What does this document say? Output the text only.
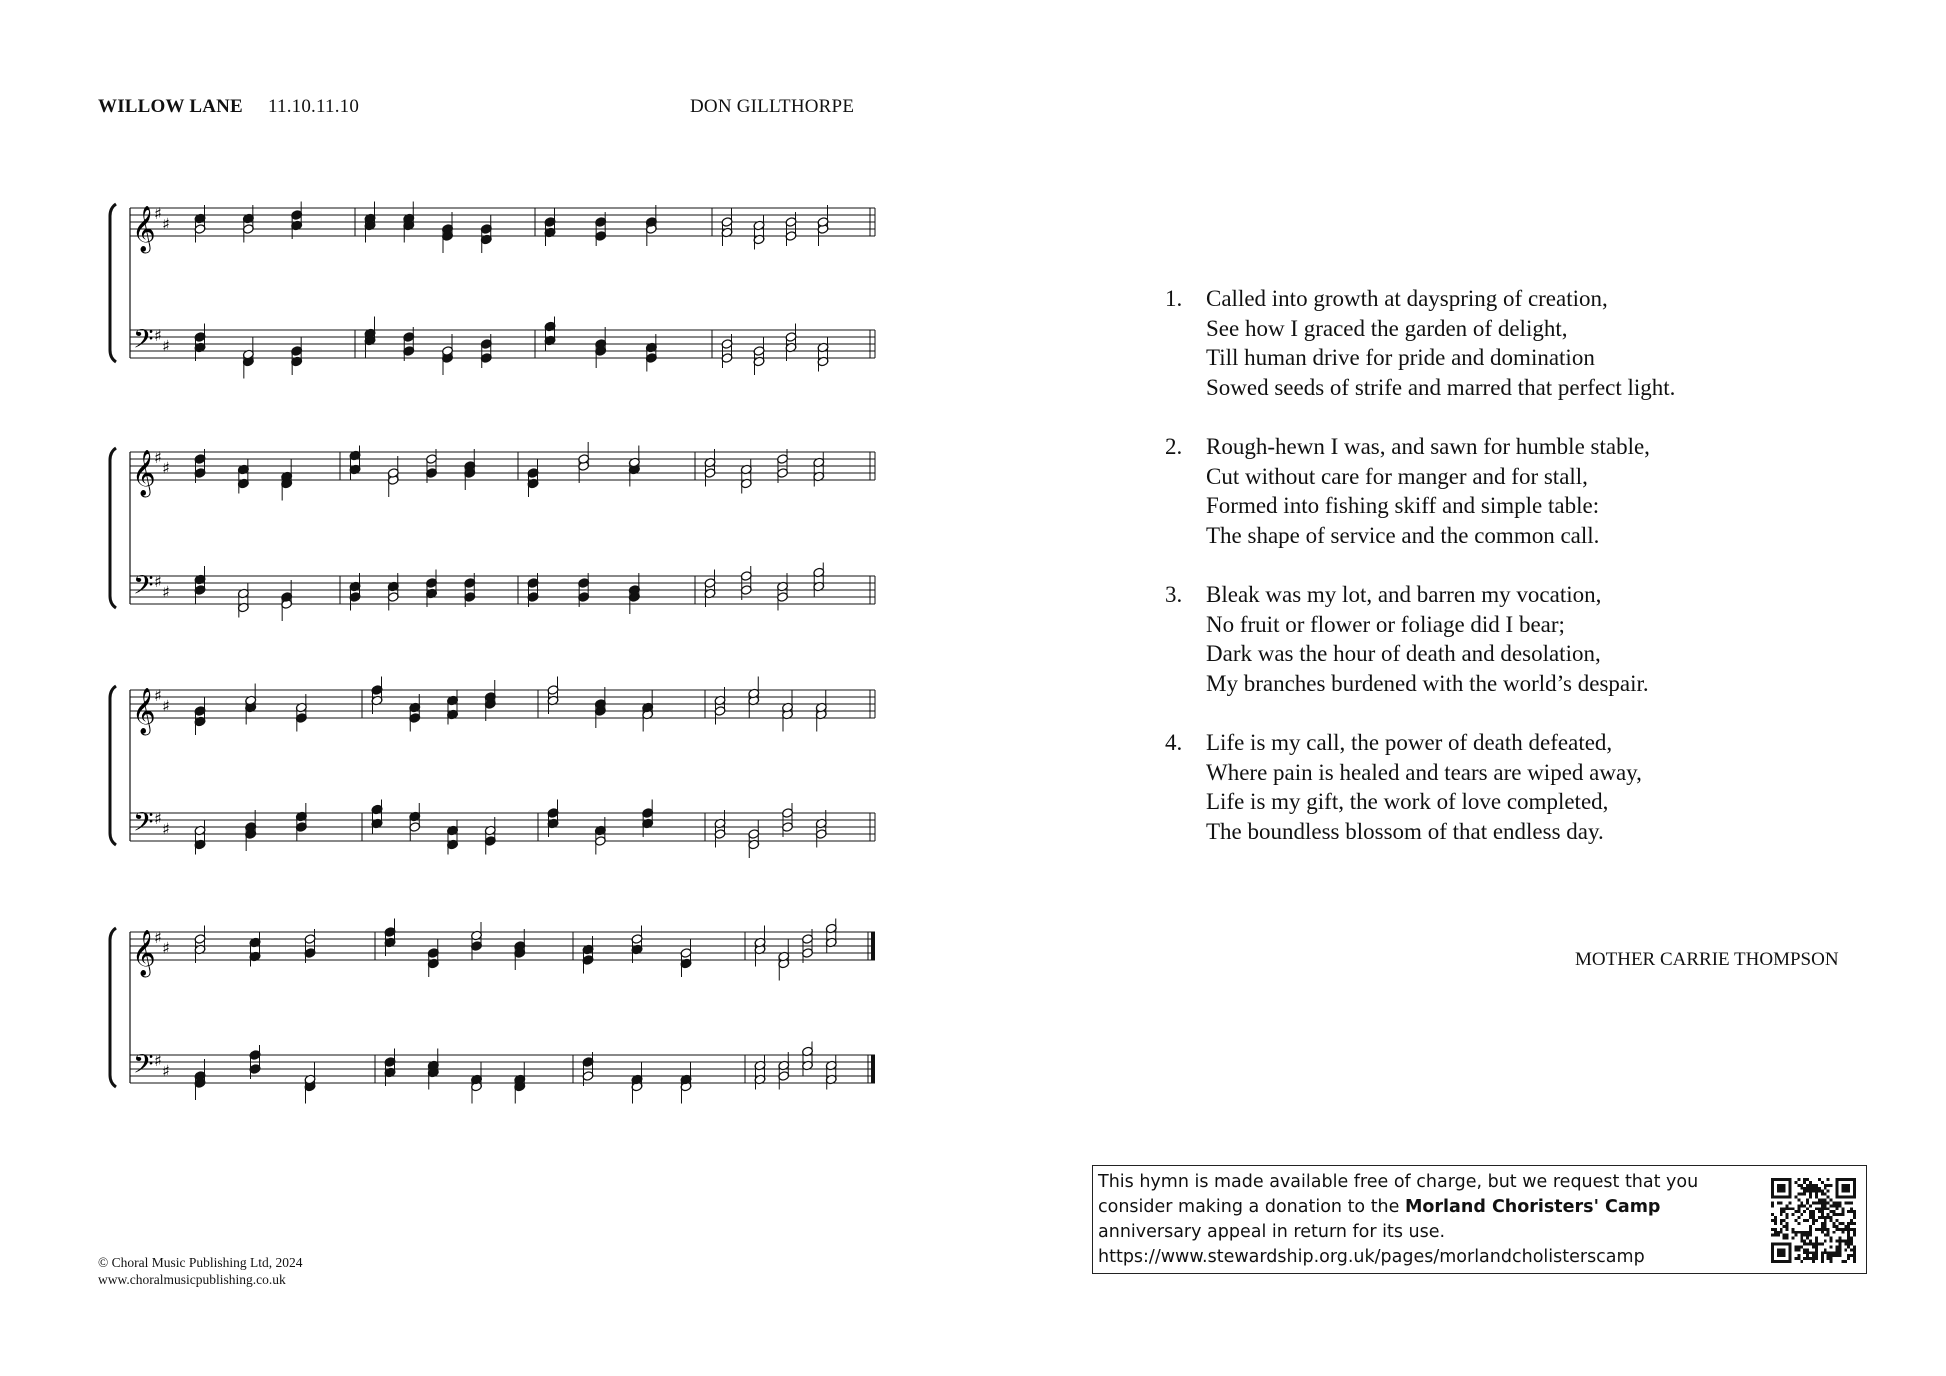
WILLOW LANE 11.10.11.10	DON GILLTHORPE
𝄞
♯
♯
𝄢 ♯
♯
𝄞
♯
♯
𝄢 ♯
♯
𝄞
♯
♯
𝄢 ♯
♯
𝄞
♯
♯
𝄢 ♯
♯
1.	Called into growth at dayspring of creation,
See how I graced the garden of delight,
Till human drive for pride and domination
Sowed seeds of strife and marred that perfect light.
2.	Rough-hewn I was, and sawn for humble stable,
Cut without care for manger and for stall,
Formed into fishing skiff and simple table:
The shape of service and the common call.
3.	Bleak was my lot, and barren my vocation,
No fruit or flower or foliage did I bear;
Dark was the hour of death and desolation,
My branches burdened with the world’s despair.
4.	Life is my call, the power of death defeated,
Where pain is healed and tears are wiped away,
Life is my gift, the work of love completed,
The boundless blossom of that endless day.
MOTHER CARRIE THOMPSON
© Choral Music Publishing Ltd, 2024
www.choralmusicpublishing.co.uk
This hymn is made available free of charge, but we request that you
consider making a donation to the Morland Choristers' Camp
anniversary appeal in return for its use.
https://www.stewardship.org.uk/pages/morlandcholisterscamp
